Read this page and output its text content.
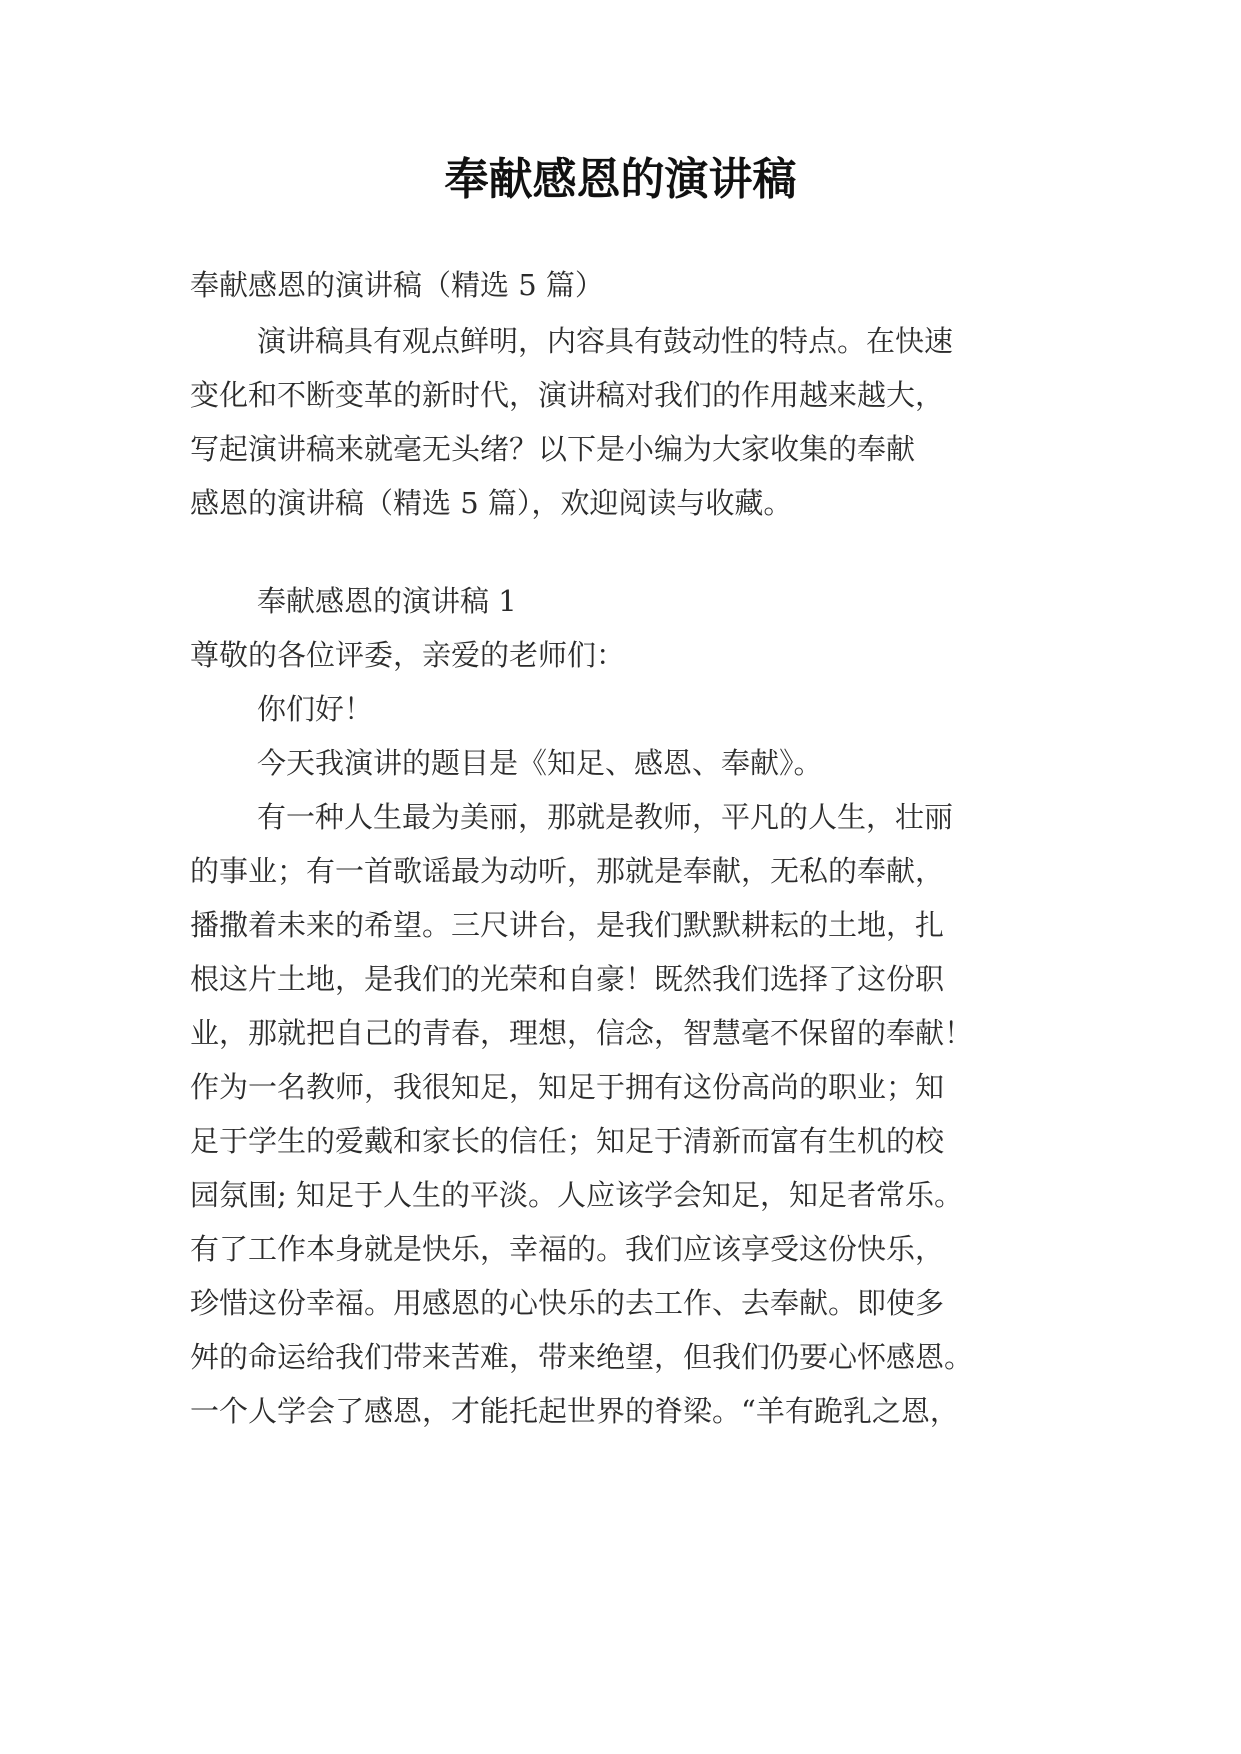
奉献感恩的演讲稿
奉献感恩的演讲稿（精选 5 篇）
演讲稿具有观点鲜明，内容具有鼓动性的特点。在快速
变化和不断变革的新时代，演讲稿对我们的作用越来越大，
写起演讲稿来就毫无头绪？以下是小编为大家收集的奉献
感恩的演讲稿（精选 5 篇），欢迎阅读与收藏。
奉献感恩的演讲稿 1
尊敬的各位评委，亲爱的老师们：
你们好！
今天我演讲的题目是《知足、感恩、奉献》。
有一种人生最为美丽，那就是教师，平凡的人生，壮丽
的事业；有一首歌谣最为动听，那就是奉献，无私的奉献，
播撒着未来的希望。三尺讲台，是我们默默耕耘的土地，扎
根这片土地，是我们的光荣和自豪！既然我们选择了这份职
业，那就把自己的青春，理想，信念，智慧毫不保留的奉献！
作为一名教师，我很知足，知足于拥有这份高尚的职业；知
足于学生的爱戴和家长的信任；知足于清新而富有生机的校
园氛围; 知足于人生的平淡。人应该学会知足，知足者常乐。
有了工作本身就是快乐，幸福的。我们应该享受这份快乐，
珍惜这份幸福。用感恩的心快乐的去工作、去奉献。即使多
舛的命运给我们带来苦难，带来绝望，但我们仍要心怀感恩。
一个人学会了感恩，才能托起世界的脊梁。“羊有跪乳之恩，
